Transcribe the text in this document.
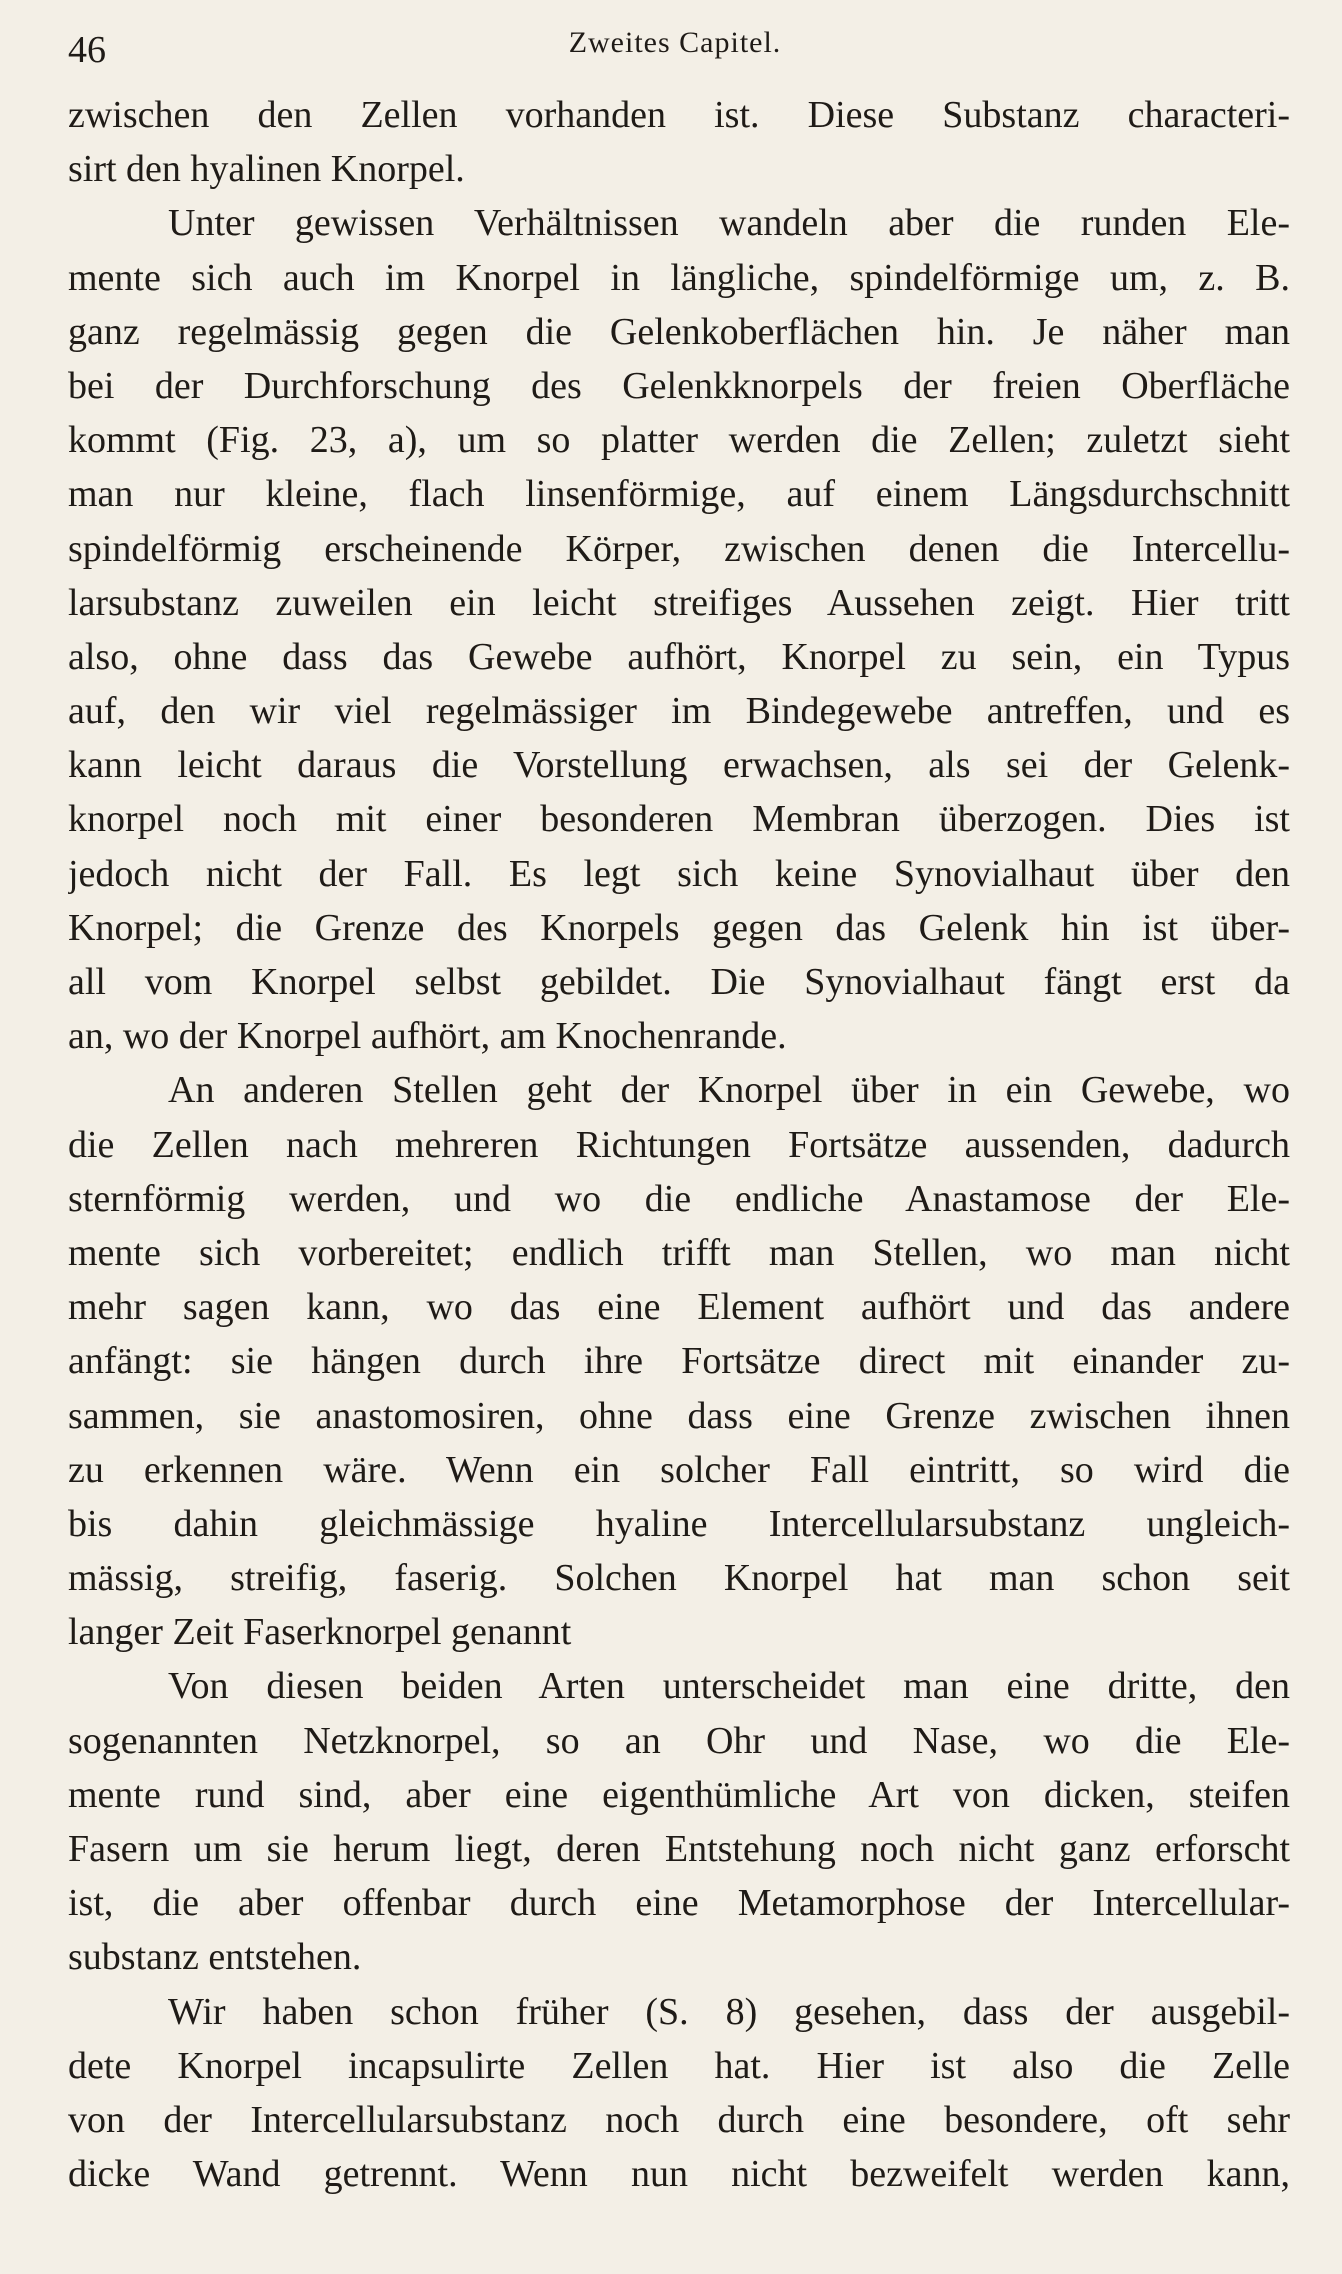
46	Zweites Capitel.
zwischen den Zellen vorhanden ist. Diese Substanz characteri-
sirt den hyalinen Knorpel.
Unter gewissen Verhältnissen wandeln aber die runden Ele-
mente sich auch im Knorpel in längliche, spindelförmige um, z. B.
ganz regelmässig gegen die Gelenkoberflächen hin. Je näher man
bei der Durchforschung des Gelenkknorpels der freien Oberfläche
kommt (Fig. 23, a), um so platter werden die Zellen; zuletzt sieht
man nur kleine, flach linsenförmige, auf einem Längsdurchschnitt
spindelförmig erscheinende Körper, zwischen denen die Intercellu-
larsubstanz zuweilen ein leicht streifiges Aussehen zeigt. Hier tritt
also, ohne dass das Gewebe aufhört, Knorpel zu sein, ein Typus
auf, den wir viel regelmässiger im Bindegewebe antreffen, und es
kann leicht daraus die Vorstellung erwachsen, als sei der Gelenk-
knorpel noch mit einer besonderen Membran überzogen. Dies ist
jedoch nicht der Fall. Es legt sich keine Synovialhaut über den
Knorpel; die Grenze des Knorpels gegen das Gelenk hin ist über-
all vom Knorpel selbst gebildet. Die Synovialhaut fängt erst da
an, wo der Knorpel aufhört, am Knochenrande.
An anderen Stellen geht der Knorpel über in ein Gewebe, wo
die Zellen nach mehreren Richtungen Fortsätze aussenden, dadurch
sternförmig werden, und wo die endliche Anastamose der Ele-
mente sich vorbereitet; endlich trifft man Stellen, wo man nicht
mehr sagen kann, wo das eine Element aufhört und das andere
anfängt: sie hängen durch ihre Fortsätze direct mit einander zu-
sammen, sie anastomosiren, ohne dass eine Grenze zwischen ihnen
zu erkennen wäre. Wenn ein solcher Fall eintritt, so wird die
bis dahin gleichmässige hyaline Intercellularsubstanz ungleich-
mässig, streifig, faserig. Solchen Knorpel hat man schon seit
langer Zeit Faserknorpel genannt
Von diesen beiden Arten unterscheidet man eine dritte, den
sogenannten Netzknorpel, so an Ohr und Nase, wo die Ele-
mente rund sind, aber eine eigenthümliche Art von dicken, steifen
Fasern um sie herum liegt, deren Entstehung noch nicht ganz erforscht
ist, die aber offenbar durch eine Metamorphose der Intercellular-
substanz entstehen.
Wir haben schon früher (S. 8) gesehen, dass der ausgebil-
dete Knorpel incapsulirte Zellen hat. Hier ist also die Zelle
von der Intercellularsubstanz noch durch eine besondere, oft sehr
dicke Wand getrennt. Wenn nun nicht bezweifelt werden kann,
